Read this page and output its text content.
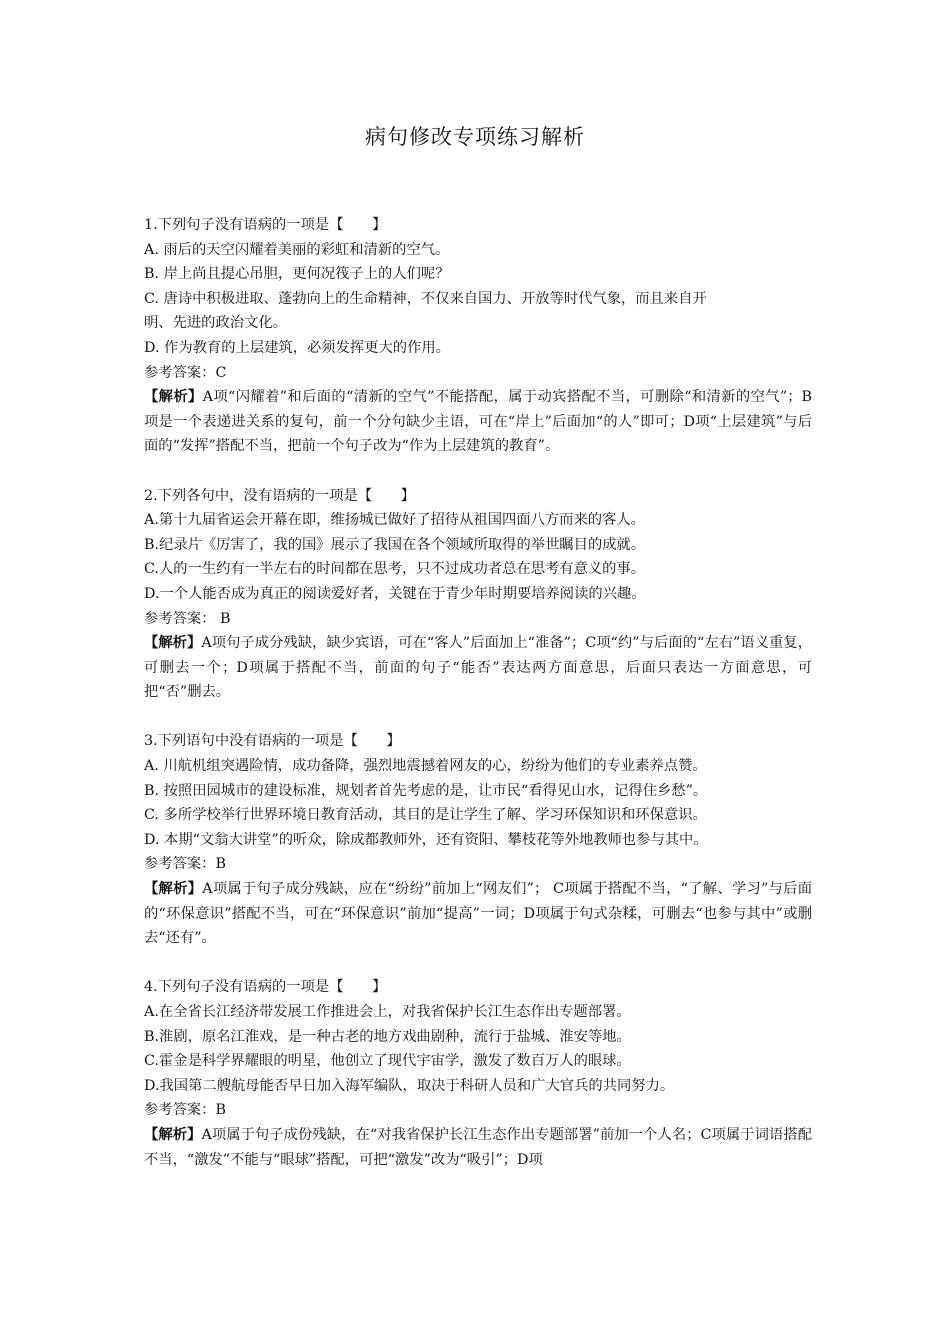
病句修改专项练习解析

1.下列句子没有语病的一项是【　　】

A. 雨后的天空闪耀着美丽的彩虹和清新的空气。

B. 岸上尚且提心吊胆，更何况筏子上的人们呢？

C. 唐诗中积极进取、蓬勃向上的生命精神，不仅来自国力、开放等时代气象，而且来自开

明、先进的政治文化。

D. 作为教育的上层建筑，必须发挥更大的作用。

参考答案：C

【解析】A项“闪耀着”和后面的“清新的空气”不能搭配，属于动宾搭配不当，可删除“和清新的空气”；B 项是一个表递进关系的复句，前一个分句缺少主语，可在“岸上”后面加“的人”即可；D项“上层建筑”与后面的“发挥”搭配不当，把前一个句子改为“作为上层建筑的教育”。

2.下列各句中，没有语病的一项是【　　】

A.第十九届省运会开幕在即，维扬城已做好了招待从祖国四面八方而来的客人。

B.纪录片《厉害了，我的国》展示了我国在各个领域所取得的举世瞩目的成就。

C.人的一生约有一半左右的时间都在思考，只不过成功者总在思考有意义的事。

D.一个人能否成为真正的阅读爱好者，关键在于青少年时期要培养阅读的兴趣。

参考答案： B

【解析】A项句子成分残缺，缺少宾语，可在“客人”后面加上“准备”；C项“约”与后面的“左右”语义重复，可删去一个；D项属于搭配不当，前面的句子“能否”表达两方面意思，后面只表达一方面意思，可把“否”删去。

3.下列语句中没有语病的一项是【　　】

A. 川航机组突遇险情，成功备降，强烈地震撼着网友的心，纷纷为他们的专业素养点赞。

B. 按照田园城市的建设标准，规划者首先考虑的是，让市民“看得见山水，记得住乡愁”。

C. 多所学校举行世界环境日教育活动，其目的是让学生了解、学习环保知识和环保意识。

D. 本期“文翁大讲堂”的听众，除成都教师外，还有资阳、攀枝花等外地教师也参与其中。

参考答案：B

【解析】A项属于句子成分残缺，应在“纷纷”前加上“网友们”； C项属于搭配不当，“了解、学习”与后面的“环保意识”搭配不当，可在“环保意识”前加“提高”一词；D项属于句式杂糅，可删去“也参与其中”或删去“还有”。

4.下列句子没有语病的一项是【　　】

A.在全省长江经济带发展工作推进会上，对我省保护长江生态作出专题部署。

B.淮剧，原名江淮戏，是一种古老的地方戏曲剧种，流行于盐城、淮安等地。

C.霍金是科学界耀眼的明星，他创立了现代宇宙学，激发了数百万人的眼球。

D.我国第二艘航母能否早日加入海军编队，取决于科研人员和广大官兵的共同努力。

参考答案：B

【解析】A项属于句子成份残缺，在“对我省保护长江生态作出专题部署”前加一个人名；C项属于词语搭配不当，“激发”不能与“眼球”搭配，可把“激发”改为“吸引”；D项
